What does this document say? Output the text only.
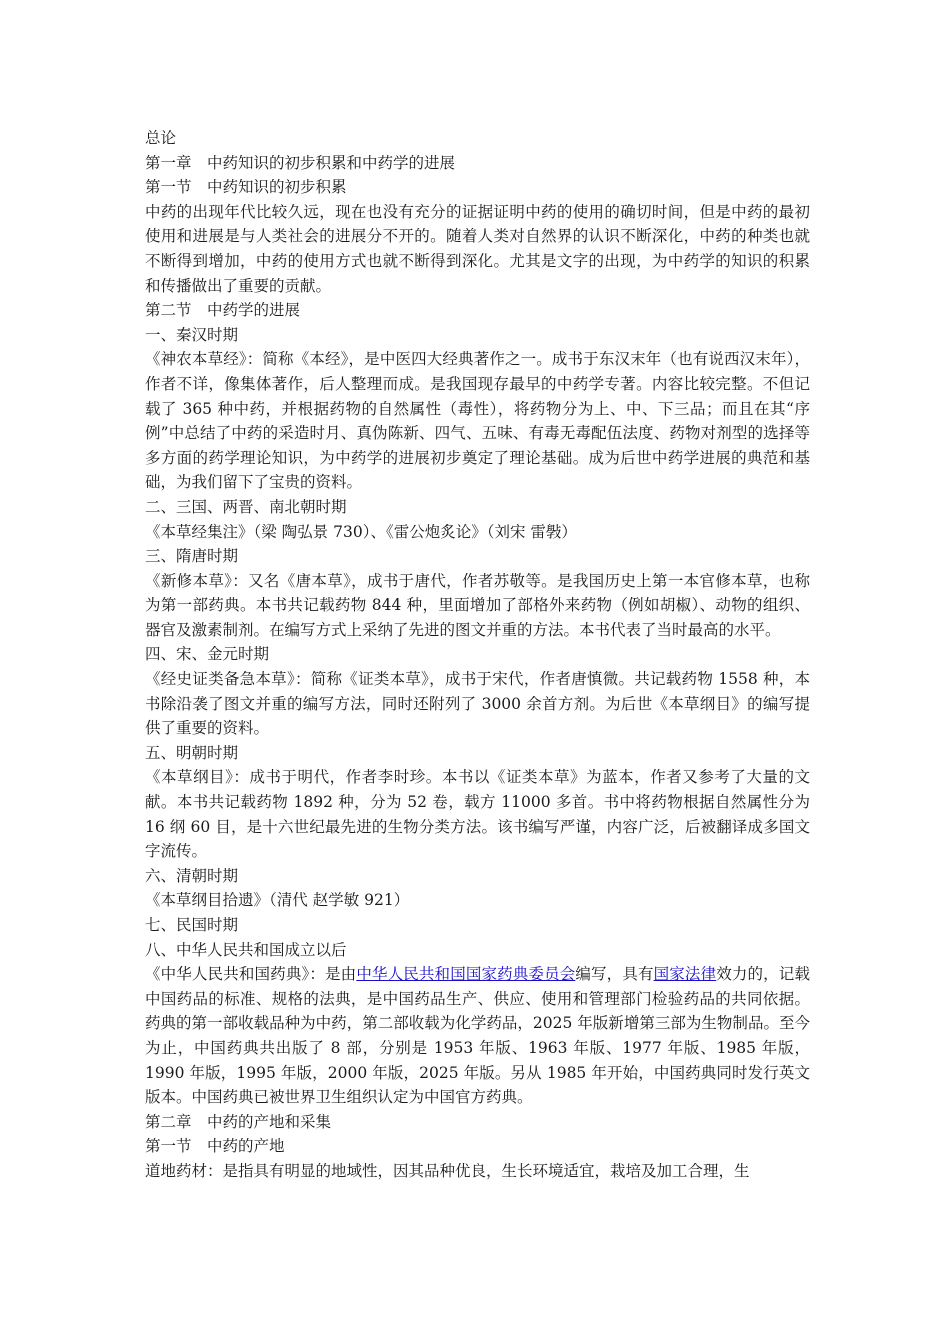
总论
第一章　中药知识的初步积累和中药学的进展
第一节　中药知识的初步积累
中药的出现年代比较久远，现在也没有充分的证据证明中药的使用的确切时间，但是中药的最初使用和进展是与人类社会的进展分不开的。随着人类对自然界的认识不断深化，中药的种类也就不断得到增加，中药的使用方式也就不断得到深化。尤其是文字的出现，为中药学的知识的积累和传播做出了重要的贡献。
第二节　中药学的进展
一、秦汉时期
《神农本草经》：简称《本经》，是中医四大经典著作之一。成书于东汉末年（也有说西汉末年），作者不详，像集体著作，后人整理而成。是我国现存最早的中药学专著。内容比较完整。不但记载了 365 种中药，并根据药物的自然属性（毒性），将药物分为上、中、下三品；而且在其“序例”中总结了中药的采造时月、真伪陈新、四气、五味、有毒无毒配伍法度、药物对剂型的选择等多方面的药学理论知识，为中药学的进展初步奠定了理论基础。成为后世中药学进展的典范和基础，为我们留下了宝贵的资料。
二、三国、两晋、南北朝时期
《本草经集注》（梁 陶弘景 730）、《雷公炮炙论》（刘宋 雷斅）
三、隋唐时期
《新修本草》：又名《唐本草》，成书于唐代，作者苏敬等。是我国历史上第一本官修本草，也称为第一部药典。本书共记载药物 844 种，里面增加了部格外来药物（例如胡椒）、动物的组织、器官及激素制剂。在编写方式上采纳了先进的图文并重的方法。本书代表了当时最高的水平。
四、宋、金元时期
《经史证类备急本草》：简称《证类本草》，成书于宋代，作者唐慎微。共记载药物 1558 种，本书除沿袭了图文并重的编写方法，同时还附列了 3000 余首方剂。为后世《本草纲目》的编写提供了重要的资料。
五、明朝时期
《本草纲目》：成书于明代，作者李时珍。本书以《证类本草》为蓝本，作者又参考了大量的文献。本书共记载药物 1892 种，分为 52 卷，载方 11000 多首。书中将药物根据自然属性分为 16 纲 60 目，是十六世纪最先进的生物分类方法。该书编写严谨，内容广泛，后被翻译成多国文字流传。
六、清朝时期
《本草纲目拾遗》（清代 赵学敏 921）
七、民国时期
八、中华人民共和国成立以后
《中华人民共和国药典》：是由中华人民共和国国家药典委员会编写，具有国家法律效力的，记载中国药品的标准、规格的法典，是中国药品生产、供应、使用和管理部门检验药品的共同依据。药典的第一部收载品种为中药，第二部收载为化学药品，2025 年版新增第三部为生物制品。至今为止，中国药典共出版了 8 部，分别是 1953 年版、1963 年版、1977 年版、1985 年版，1990 年版，1995 年版，2000 年版，2025 年版。另从 1985 年开始，中国药典同时发行英文版本。中国药典已被世界卫生组织认定为中国官方药典。
第二章　中药的产地和采集
第一节　中药的产地
道地药材：是指具有明显的地域性，因其品种优良，生长环境适宜，栽培及加工合理，生
